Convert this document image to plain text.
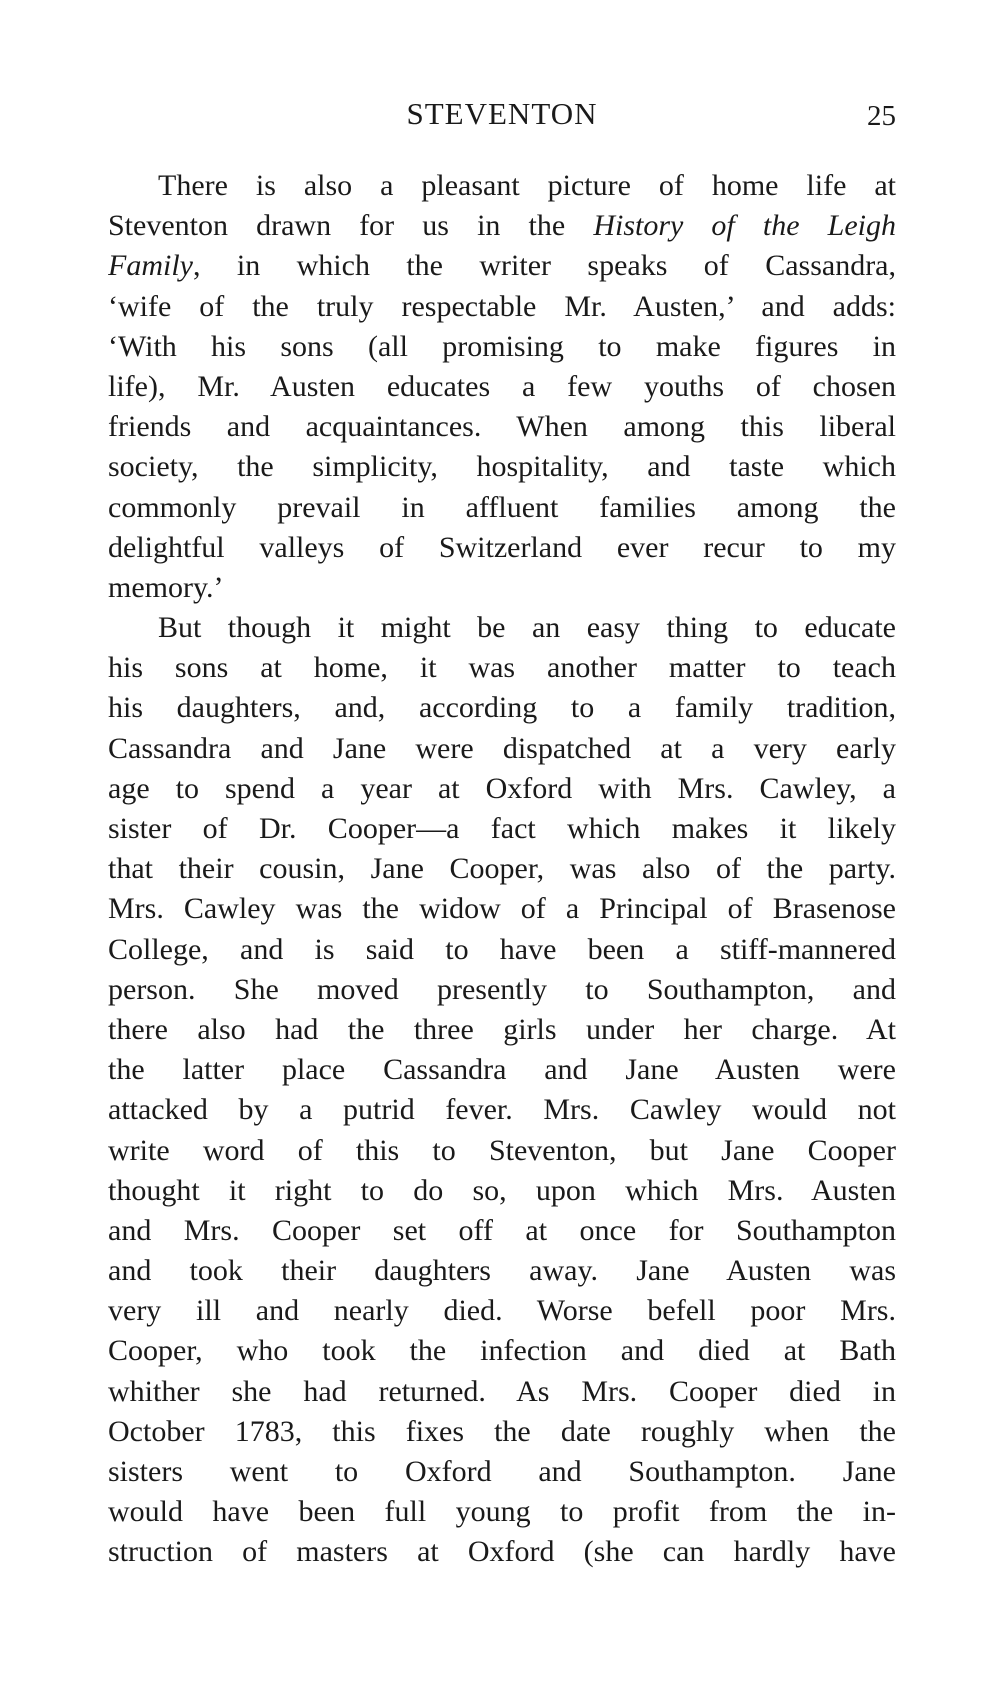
STEVENTON	25
There is also a pleasant picture of home life at
Steventon drawn for us in the History of the Leigh
Family, in which the writer speaks of Cassandra,
‘wife of the truly respectable Mr. Austen,’ and adds:
‘With his sons (all promising to make figures in
life), Mr. Austen educates a few youths of chosen
friends and acquaintances. When among this liberal
society, the simplicity, hospitality, and taste which
commonly prevail in affluent families among the
delightful valleys of Switzerland ever recur to my
memory.’
But though it might be an easy thing to educate
his sons at home, it was another matter to teach
his daughters, and, according to a family tradition,
Cassandra and Jane were dispatched at a very early
age to spend a year at Oxford with Mrs. Cawley, a
sister of Dr. Cooper—a fact which makes it likely
that their cousin, Jane Cooper, was also of the party.
Mrs. Cawley was the widow of a Principal of Brasenose
College, and is said to have been a stiff-mannered
person. She moved presently to Southampton, and
there also had the three girls under her charge. At
the latter place Cassandra and Jane Austen were
attacked by a putrid fever. Mrs. Cawley would not
write word of this to Steventon, but Jane Cooper
thought it right to do so, upon which Mrs. Austen
and Mrs. Cooper set off at once for Southampton
and took their daughters away. Jane Austen was
very ill and nearly died. Worse befell poor Mrs.
Cooper, who took the infection and died at Bath
whither she had returned. As Mrs. Cooper died in
October 1783, this fixes the date roughly when the
sisters went to Oxford and Southampton. Jane
would have been full young to profit from the in-
struction of masters at Oxford (she can hardly have
